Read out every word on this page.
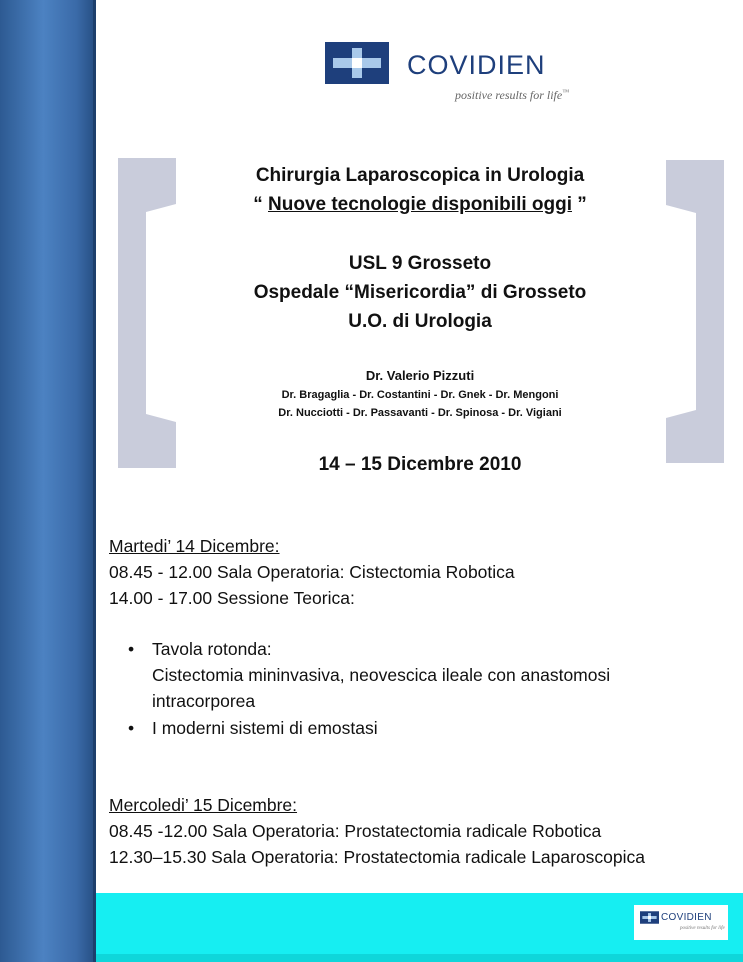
COVIDIEN
positive results for life™
Chirurgia Laparoscopica in Urologia
“ Nuove tecnologie disponibili oggi ”
USL 9 Grosseto
Ospedale “Misericordia” di Grosseto
U.O. di Urologia
Dr. Valerio Pizzuti
Dr. Bragaglia - Dr. Costantini - Dr. Gnek - Dr. Mengoni
Dr. Nucciotti - Dr. Passavanti - Dr. Spinosa - Dr. Vigiani
14 – 15 Dicembre 2010
Martedi’ 14 Dicembre:
08.45 - 12.00 Sala Operatoria: Cistectomia Robotica
14.00 - 17.00 Sessione Teorica:
• Tavola rotonda:
Cistectomia mininvasiva, neovescica ileale con anastomosi
intracorporea
• I moderni sistemi di emostasi
Mercoledi’ 15 Dicembre:
08.45 -12.00 Sala Operatoria: Prostatectomia radicale Robotica
12.30–15.30 Sala Operatoria: Prostatectomia radicale Laparoscopica
COVIDIEN
positive results for life
